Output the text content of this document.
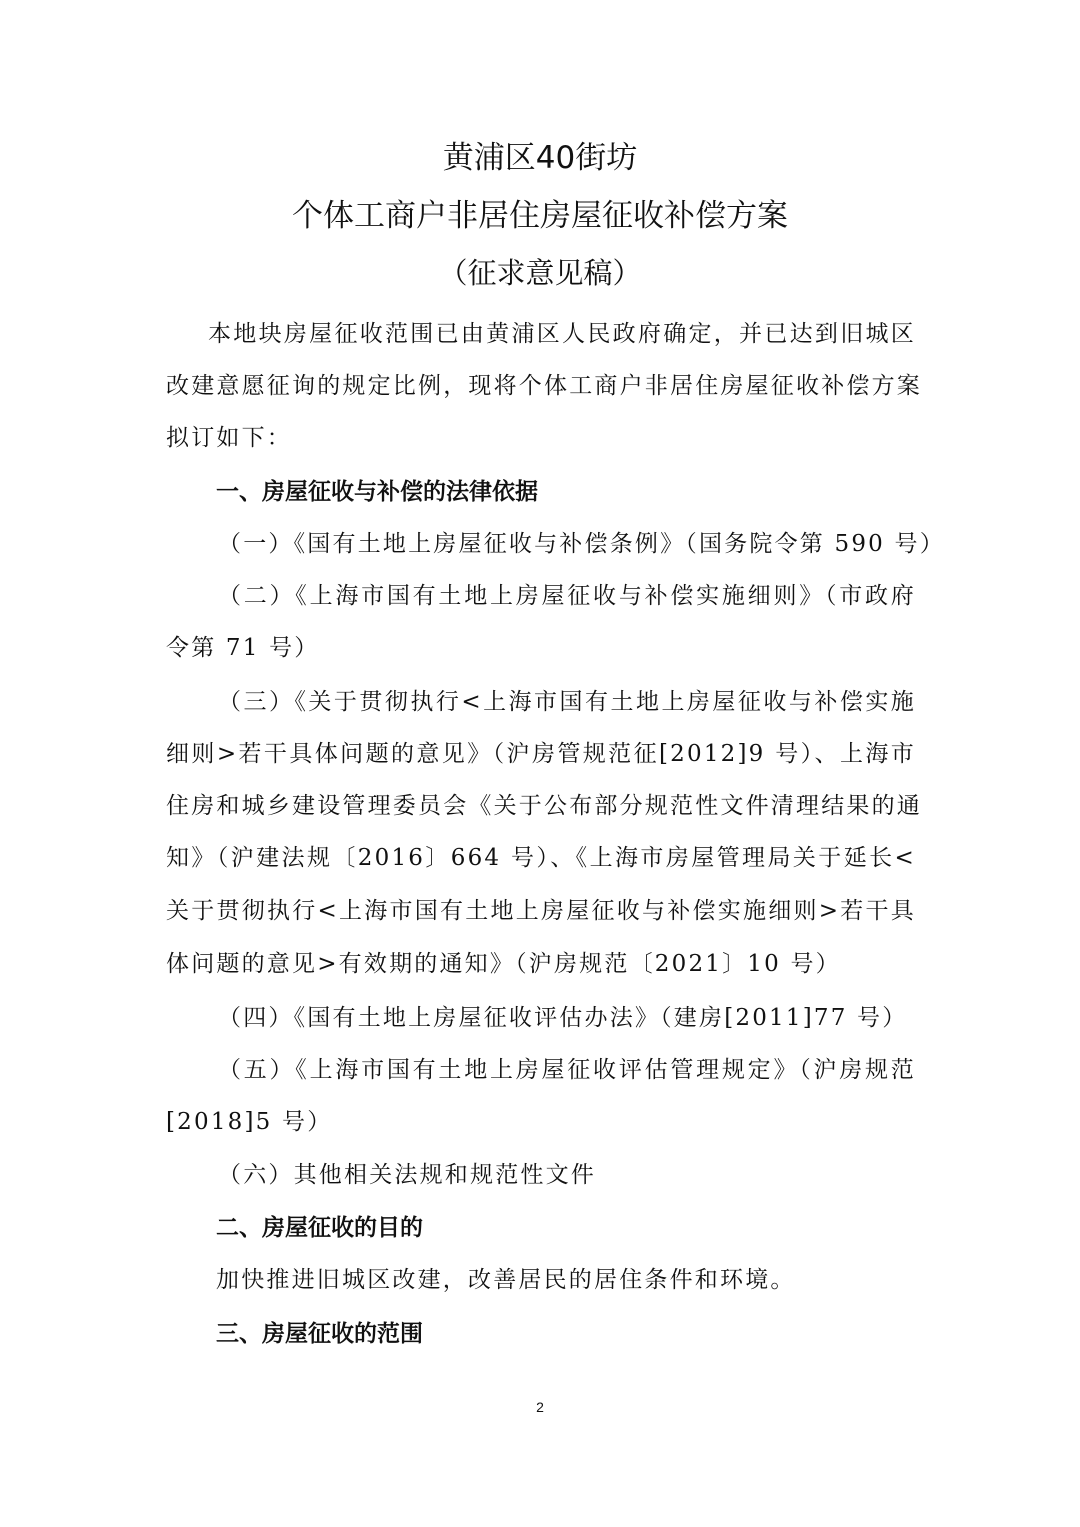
黄浦区40街坊
个体工商户非居住房屋征收补偿方案
（征求意见稿）

本地块房屋征收范围已由黄浦区人民政府确定，并已达到旧城区

改建意愿征询的规定比例，现将个体工商户非居住房屋征收补偿方案

拟订如下：

一、房屋征收与补偿的法律依据

（一）《国有土地上房屋征收与补偿条例》（国务院令第 590 号）

（二）《上海市国有土地上房屋征收与补偿实施细则》（市政府

令第 71 号）

（三）《关于贯彻执行<上海市国有土地上房屋征收与补偿实施

细则>若干具体问题的意见》（沪房管规范征[2012]9 号）、上海市

住房和城乡建设管理委员会《关于公布部分规范性文件清理结果的通

知》（沪建法规〔2016〕664 号）、《上海市房屋管理局关于延长<

关于贯彻执行<上海市国有土地上房屋征收与补偿实施细则>若干具

体问题的意见>有效期的通知》（沪房规范〔2021〕10 号）

（四）《国有土地上房屋征收评估办法》（建房[2011]77 号）

（五）《上海市国有土地上房屋征收评估管理规定》（沪房规范

[2018]5 号）

（六）其他相关法规和规范性文件

二、房屋征收的目的

加快推进旧城区改建，改善居民的居住条件和环境。

三、房屋征收的范围
2
